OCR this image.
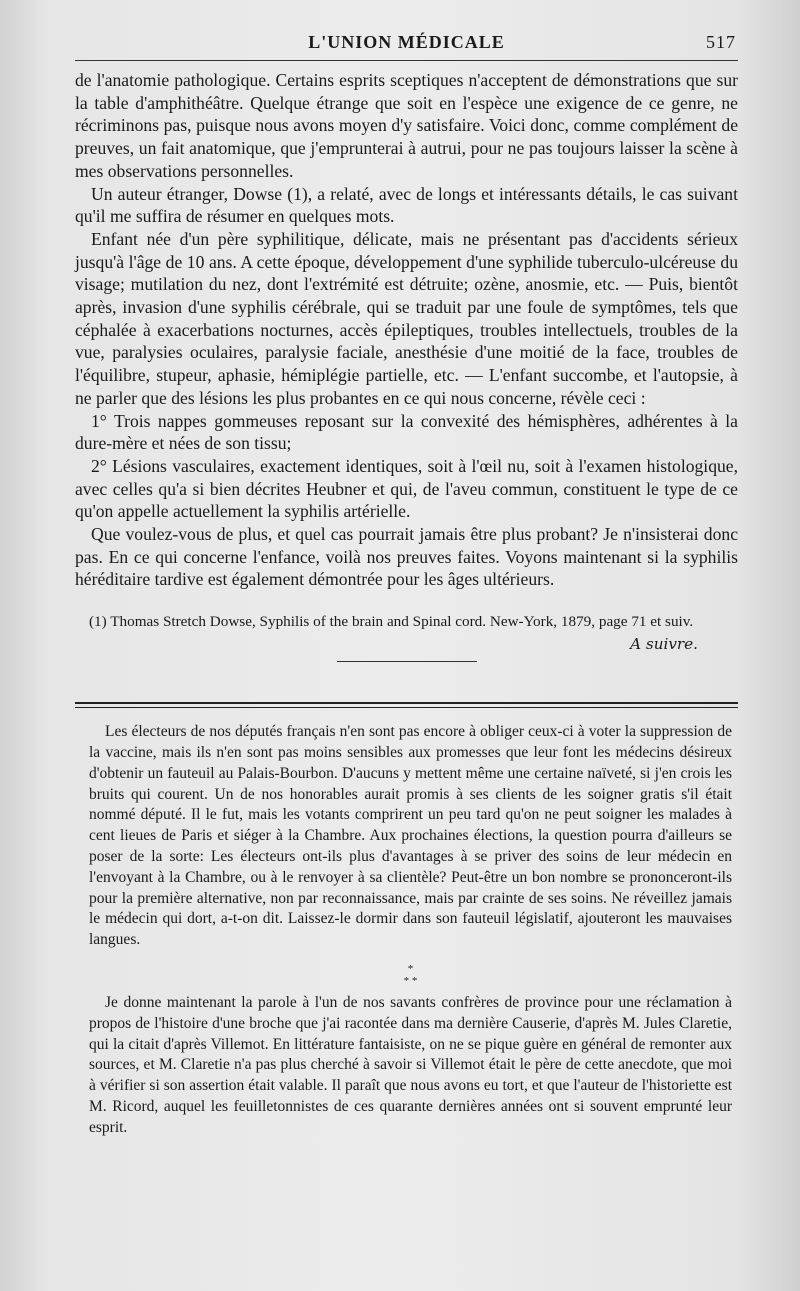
L'UNION MÉDICALE	517

de l'anatomie pathologique. Certains esprits sceptiques n'acceptent de démonstrations que sur la table d'amphithéâtre. Quelque étrange que soit en l'espèce une exigence de ce genre, ne récriminons pas, puisque nous avons moyen d'y satisfaire. Voici donc, comme complément de preuves, un fait anatomique, que j'emprunterai à autrui, pour ne pas toujours laisser la scène à mes observations personnelles.

Un auteur étranger, Dowse (1), a relaté, avec de longs et intéressants détails, le cas suivant qu'il me suffira de résumer en quelques mots.

Enfant née d'un père syphilitique, délicate, mais ne présentant pas d'accidents sérieux jusqu'à l'âge de 10 ans. A cette époque, développement d'une syphilide tuberculo-ulcéreuse du visage; mutilation du nez, dont l'extrémité est détruite; ozène, anosmie, etc. — Puis, bientôt après, invasion d'une syphilis cérébrale, qui se traduit par une foule de symptômes, tels que céphalée à exacerbations nocturnes, accès épileptiques, troubles intellectuels, troubles de la vue, paralysies oculaires, paralysie faciale, anesthésie d'une moitié de la face, troubles de l'équilibre, stupeur, aphasie, hémiplégie partielle, etc. — L'enfant succombe, et l'autopsie, à ne parler que des lésions les plus probantes en ce qui nous concerne, révèle ceci :

1° Trois nappes gommeuses reposant sur la convexité des hémisphères, adhérentes à la dure-mère et nées de son tissu;

2° Lésions vasculaires, exactement identiques, soit à l'œil nu, soit à l'examen histologique, avec celles qu'a si bien décrites Heubner et qui, de l'aveu commun, constituent le type de ce qu'on appelle actuellement la syphilis artérielle.

Que voulez-vous de plus, et quel cas pourrait jamais être plus probant? Je n'insisterai donc pas. En ce qui concerne l'enfance, voilà nos preuves faites. Voyons maintenant si la syphilis héréditaire tardive est également démontrée pour les âges ultérieurs.

(1) Thomas Stretch Dowse, Syphilis of the brain and Spinal cord. New-York, 1879, page 71 et suiv.
A suivre.

Les électeurs de nos députés français n'en sont pas encore à obliger ceux-ci à voter la suppression de la vaccine, mais ils n'en sont pas moins sensibles aux promesses que leur font les médecins désireux d'obtenir un fauteuil au Palais-Bourbon. D'aucuns y mettent même une certaine naïveté, si j'en crois les bruits qui courent. Un de nos honorables aurait promis à ses clients de les soigner gratis s'il était nommé député. Il le fut, mais les votants comprirent un peu tard qu'on ne peut soigner les malades à cent lieues de Paris et siéger à la Chambre. Aux prochaines élections, la question pourra d'ailleurs se poser de la sorte: Les électeurs ont-ils plus d'avantages à se priver des soins de leur médecin en l'envoyant à la Chambre, ou à le renvoyer à sa clientèle? Peut-être un bon nombre se prononceront-ils pour la première alternative, non par reconnaissance, mais par crainte de ses soins. Ne réveillez jamais le médecin qui dort, a-t-on dit. Laissez-le dormir dans son fauteuil législatif, ajouteront les mauvaises langues.

*
* *

Je donne maintenant la parole à l'un de nos savants confrères de province pour une réclamation à propos de l'histoire d'une broche que j'ai racontée dans ma dernière Causerie, d'après M. Jules Claretie, qui la citait d'après Villemot. En littérature fantaisiste, on ne se pique guère en général de remonter aux sources, et M. Claretie n'a pas plus cherché à savoir si Villemot était le père de cette anecdote, que moi à vérifier si son assertion était valable. Il paraît que nous avons eu tort, et que l'auteur de l'historiette est M. Ricord, auquel les feuilletonnistes de ces quarante dernières années ont si souvent emprunté leur esprit.
